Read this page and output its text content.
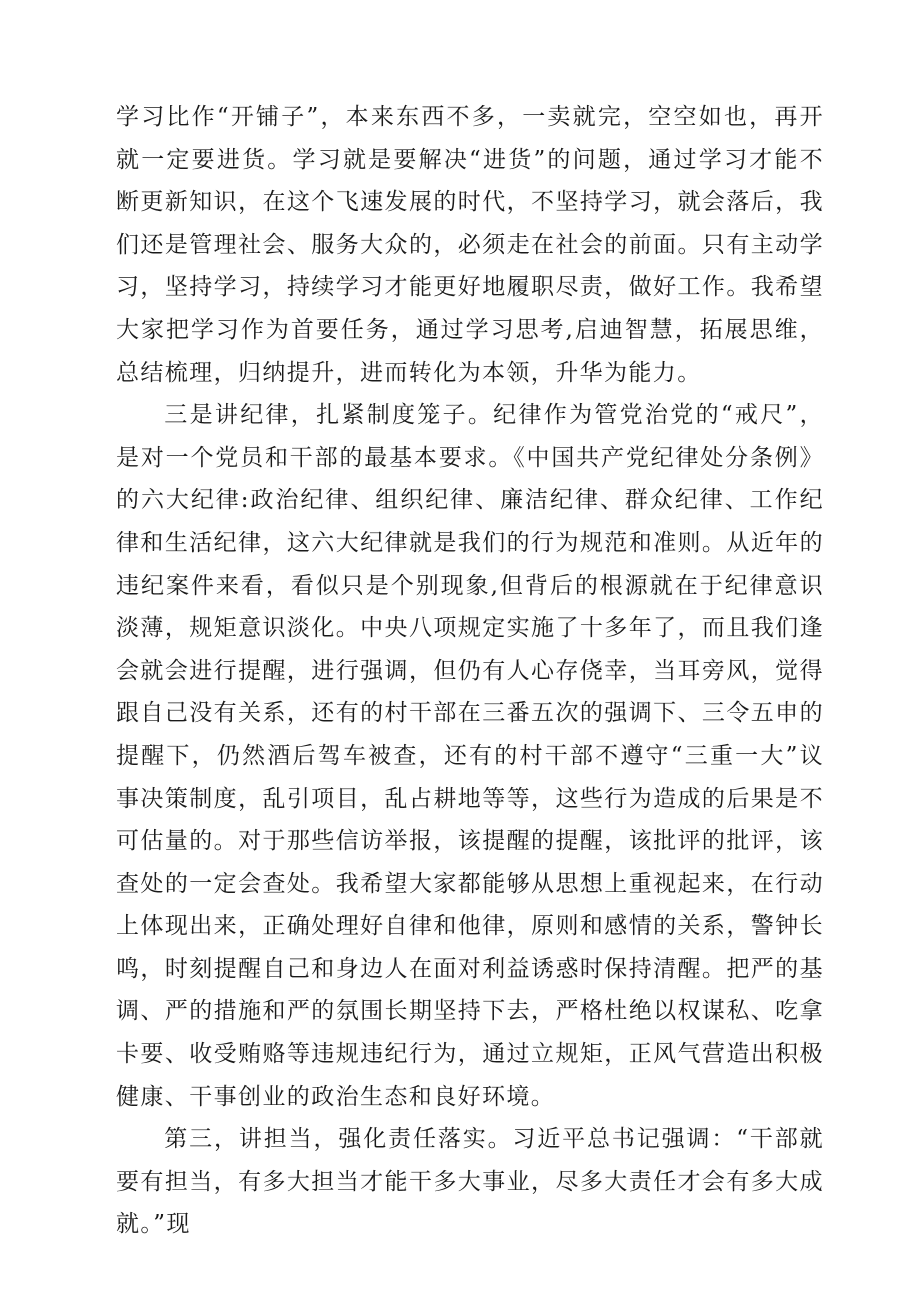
学习比作“开铺子”，本来东西不多，一卖就完，空空如也，再开就一定要进货。学习就是要解决“进货”的问题，通过学习才能不断更新知识，在这个飞速发展的时代，不坚持学习，就会落后，我们还是管理社会、服务大众的，必须走在社会的前面。只有主动学习，坚持学习，持续学习才能更好地履职尽责，做好工作。我希望大家把学习作为首要任务，通过学习思考,启迪智慧，拓展思维，总结梳理，归纳提升，进而转化为本领，升华为能力。

三是讲纪律，扎紧制度笼子。纪律作为管党治党的“戒尺”，是对一个党员和干部的最基本要求。《中国共产党纪律处分条例》的六大纪律:政治纪律、组织纪律、廉洁纪律、群众纪律、工作纪律和生活纪律，这六大纪律就是我们的行为规范和准则。从近年的违纪案件来看，看似只是个别现象,但背后的根源就在于纪律意识淡薄，规矩意识淡化。中央八项规定实施了十多年了，而且我们逢会就会进行提醒，进行强调，但仍有人心存侥幸，当耳旁风，觉得跟自己没有关系，还有的村干部在三番五次的强调下、三令五申的提醒下，仍然酒后驾车被查，还有的村干部不遵守“三重一大”议事决策制度，乱引项目，乱占耕地等等，这些行为造成的后果是不可估量的。对于那些信访举报，该提醒的提醒，该批评的批评，该查处的一定会查处。我希望大家都能够从思想上重视起来，在行动上体现出来，正确处理好自律和他律，原则和感情的关系，警钟长鸣，时刻提醒自己和身边人在面对利益诱惑时保持清醒。把严的基调、严的措施和严的氛围长期坚持下去，严格杜绝以权谋私、吃拿卡要、收受贿赂等违规违纪行为，通过立规矩，正风气营造出积极健康、干事创业的政治生态和良好环境。

第三，讲担当，强化责任落实。习近平总书记强调：“干部就要有担当，有多大担当才能干多大事业，尽多大责任才会有多大成就。”现
